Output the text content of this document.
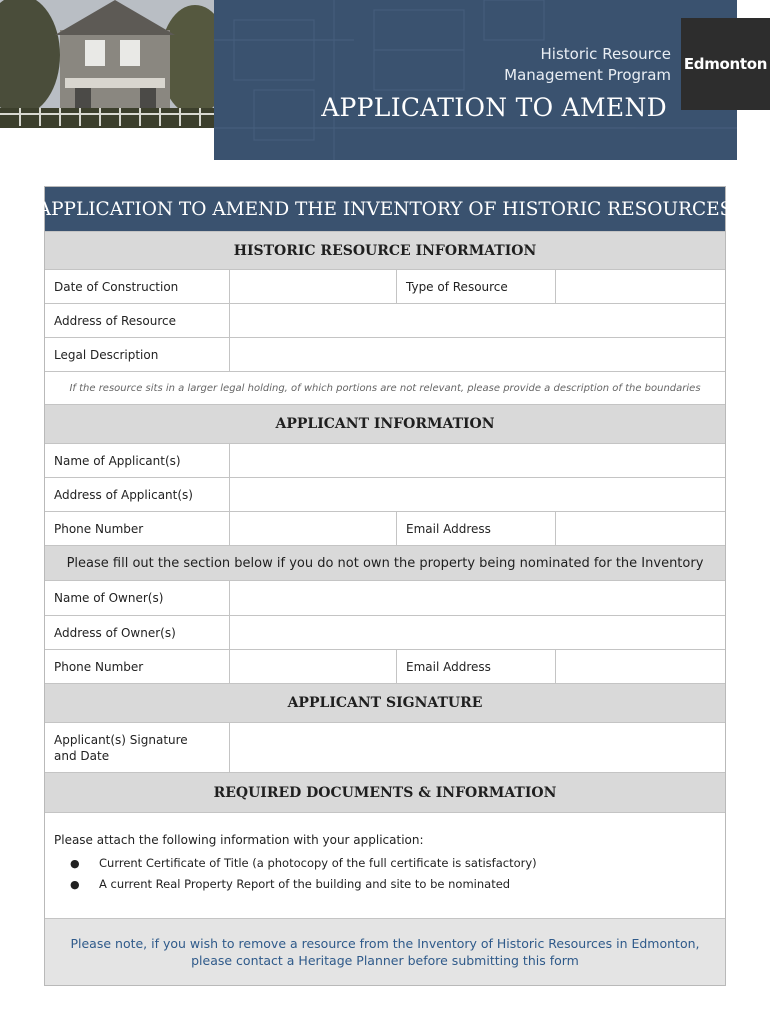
Historic Resource
Management Program
APPLICATION TO AMEND
Edmonton
APPLICATION TO AMEND THE INVENTORY OF HISTORIC RESOURCES
HISTORIC RESOURCE INFORMATION
Date of Construction	Type of Resource
Address of Resource
Legal Description
If the resource sits in a larger legal holding, of which portions are not relevant, please provide a description of the boundaries
APPLICANT INFORMATION
Name of Applicant(s)
Address of Applicant(s)
Phone Number	Email Address
Please fill out the section below if you do not own the property being nominated for the Inventory
Name of Owner(s)
Address of Owner(s)
Phone Number	Email Address
APPLICANT SIGNATURE
Applicant(s) Signature
and Date
REQUIRED DOCUMENTS & INFORMATION
Please attach the following information with your application:
● Current Certificate of Title (a photocopy of the full certificate is satisfactory)
● A current Real Property Report of the building and site to be nominated
Please note, if you wish to remove a resource from the Inventory of Historic Resources in Edmonton,
please contact a Heritage Planner before submitting this form
